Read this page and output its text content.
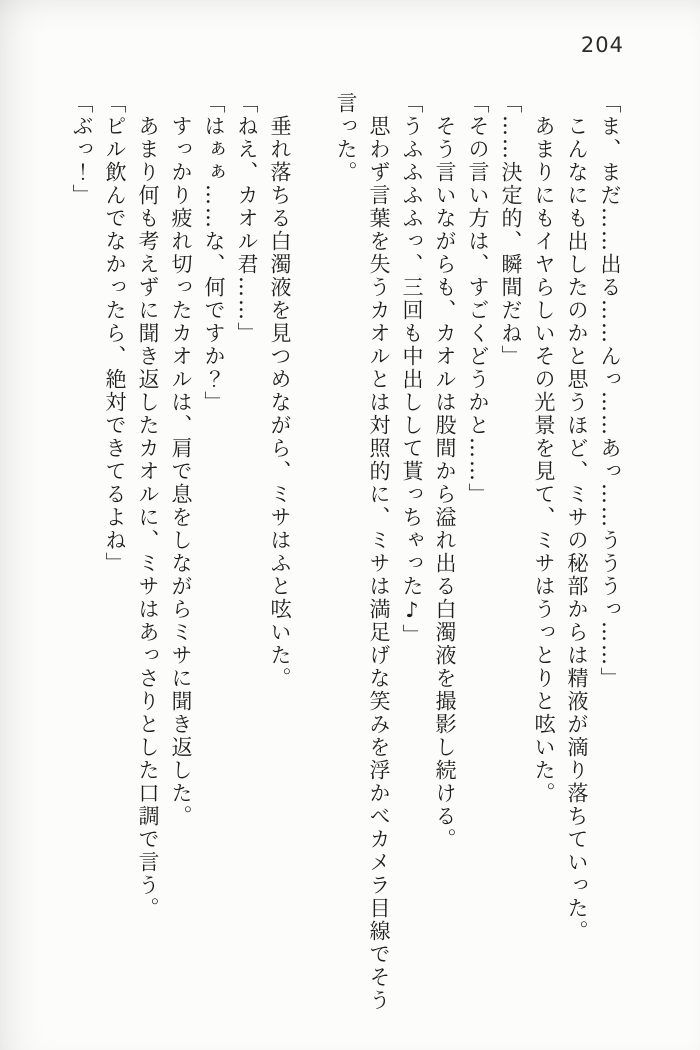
204

「ま、まだ……出る……んっ……あっ……うううっ……」

　こんなにも出したのかと思うほど、ミサの秘部からは精液が滴り落ちていった。

　あまりにもイヤらしいその光景を見て、ミサはうっとりと呟いた。

「……決定的、瞬間だね」

「その言い方は、すごくどうかと……」

　そう言いながらも、カオルは股間から溢れ出る白濁液を撮影し続ける。

「うふふふふっ、三回も中出しして貰っちゃった♪」

　思わず言葉を失うカオルとは対照的に、ミサは満足げな笑みを浮かべカメラ目線でそう言った。

　垂れ落ちる白濁液を見つめながら、ミサはふと呟いた。

「ねえ、カオル君……」

「はぁぁ……な、何ですか？」

　すっかり疲れ切ったカオルは、肩で息をしながらミサに聞き返した。

　あまり何も考えずに聞き返したカオルに、ミサはあっさりとした口調で言う。

「ピル飲んでなかったら、絶対できてるよね」

「ぶっ！」
